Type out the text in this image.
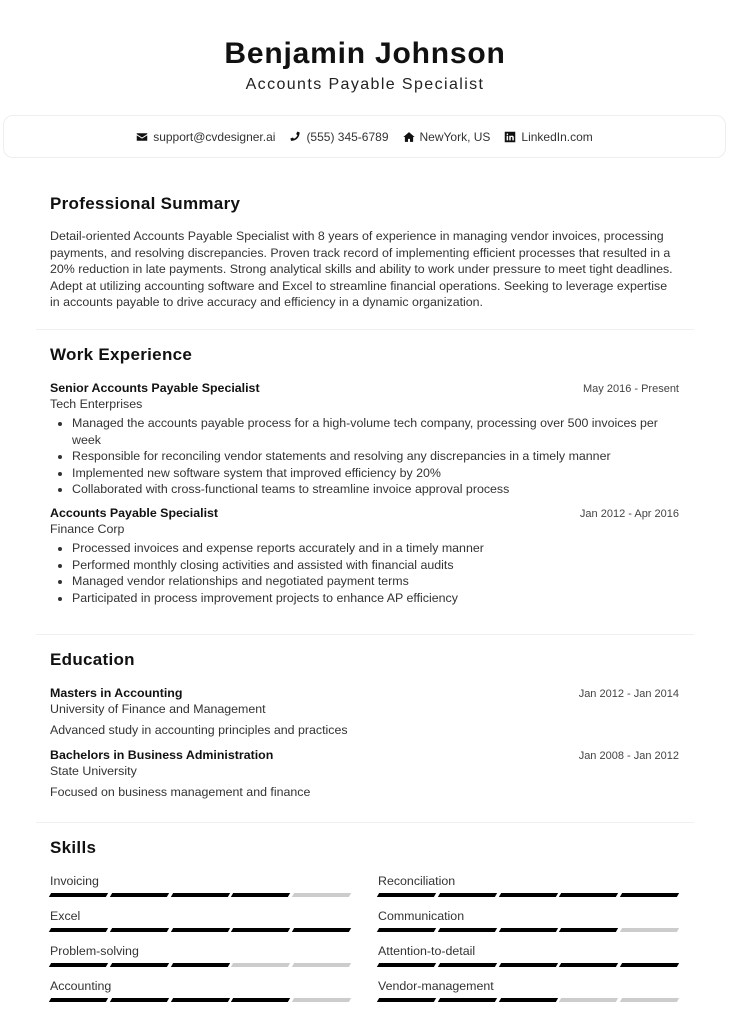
Benjamin Johnson
Accounts Payable Specialist
support@cvdesigner.ai	(555) 345-6789	NewYork, US	LinkedIn.com
Professional Summary
Detail-oriented Accounts Payable Specialist with 8 years of experience in managing vendor invoices, processing payments, and resolving discrepancies. Proven track record of implementing efficient processes that resulted in a 20% reduction in late payments. Strong analytical skills and ability to work under pressure to meet tight deadlines. Adept at utilizing accounting software and Excel to streamline financial operations. Seeking to leverage expertise in accounts payable to drive accuracy and efficiency in a dynamic organization.
Work Experience
Senior Accounts Payable Specialist	May 2016 - Present
Tech Enterprises
• Managed the accounts payable process for a high-volume tech company, processing over 500 invoices per week
• Responsible for reconciling vendor statements and resolving any discrepancies in a timely manner
• Implemented new software system that improved efficiency by 20%
• Collaborated with cross-functional teams to streamline invoice approval process
Accounts Payable Specialist	Jan 2012 - Apr 2016
Finance Corp
• Processed invoices and expense reports accurately and in a timely manner
• Performed monthly closing activities and assisted with financial audits
• Managed vendor relationships and negotiated payment terms
• Participated in process improvement projects to enhance AP efficiency
Education
Masters in Accounting	Jan 2012 - Jan 2014
University of Finance and Management
Advanced study in accounting principles and practices
Bachelors in Business Administration	Jan 2008 - Jan 2012
State University
Focused on business management and finance
Skills
Invoicing	Reconciliation
Excel	Communication
Problem-solving	Attention-to-detail
Accounting	Vendor-management
